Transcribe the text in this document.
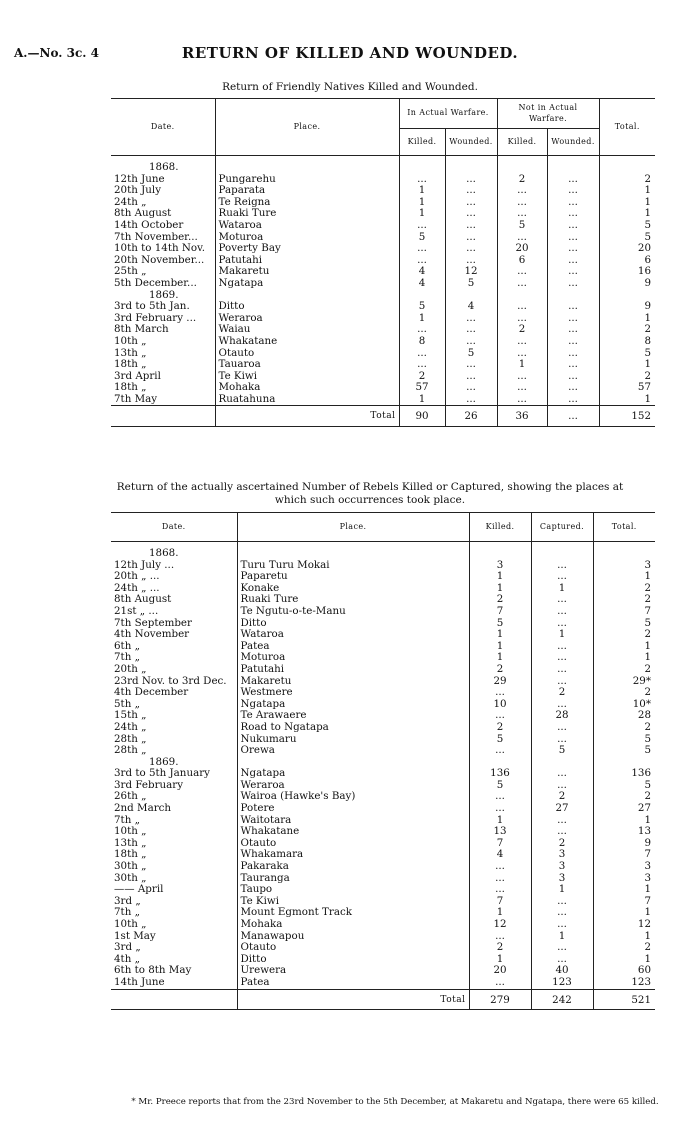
A.—No. 3c. 4	RETURN OF KILLED AND WOUNDED.
Return of Friendly Natives Killed and Wounded.
Date.	Place.	In Actual Warfare.		Not in Actual Warfare.		Total.
		Killed.	Wounded.	Killed.	Wounded.	

1868.						
12th June	Pungarehu	...	...	2	...	2
20th July	Paparata	1	...	...	...	1
24th „	Te Reigna	1	...	...	...	1
8th August	Ruaki Ture	1	...	...	...	1
14th October	Wataroa	...	...	5	...	5
7th November...	Moturoa	5	...	...	...	5
10th to 14th Nov.	Poverty Bay	...	...	20	...	20
20th November...	Patutahi	...	...	6	...	6
25th „	Makaretu	4	12	...	...	16
5th December...	Ngatapa	4	5	...	...	9
1869.						
3rd to 5th Jan.	Ditto	5	4	...	...	9
3rd February ...	Weraroa	1	...	...	...	1
8th March	Waiau	...	...	2	...	2
10th „	Whakatane	8	...	...	...	8
13th „	Otauto	...	5	...	...	5
18th „	Tauaroa	...	...	1	...	1
3rd April	Te Kiwi	2	...	...	...	2
18th „	Mohaka	57	...	...	...	57
7th May	Ruatahuna	1	...	...	...	1
	Total	90	26	36	...	152
Return of the actually ascertained Number of Rebels Killed or Captured, showing the places at which such occurrences took place.
Date.	Place.	Killed.	Captured.	Total.

1868.				
12th July ...	Turu Turu Mokai	3	...	3
20th „ ...	Paparetu	1	...	1
24th „ ...	Konake	1	1	2
8th August	Ruaki Ture	2	...	2
21st „ ...	Te Ngutu-o-te-Manu	7	...	7
7th September	Ditto	5	...	5
4th November	Wataroa	1	1	2
6th „	Patea	1	...	1
7th „	Moturoa	1	...	1
20th „	Patutahi	2	...	2
23rd Nov. to 3rd Dec.	Makaretu	29	...	29*
4th December	Westmere	...	2	2
5th „	Ngatapa	10	...	10*
15th „	Te Arawaere	...	28	28
24th „	Road to Ngatapa	2	...	2
28th „	Nukumaru	5	...	5
28th „	Orewa	...	5	5
1869.				
3rd to 5th January	Ngatapa	136	...	136
3rd February	Weraroa	5	...	5
26th „	Wairoa (Hawke's Bay)	...	2	2
2nd March	Potere	...	27	27
7th „	Waitotara	1	...	1
10th „	Whakatane	13	...	13
13th „	Otauto	7	2	9
18th „	Whakamara	4	3	7
30th „	Pakaraka	...	3	3
30th „	Tauranga	...	3	3
—— April	Taupo	...	1	1
3rd „	Te Kiwi	7	...	7
7th „	Mount Egmont Track	1	...	1
10th „	Mohaka	12	...	12
1st May	Manawapou	...	1	1
3rd „	Otauto	2	...	2
4th „	Ditto	1	...	1
6th to 8th May	Urewera	20	40	60
14th June	Patea	...	123	123
	Total	279	242	521
* Mr. Preece reports that from the 23rd November to the 5th December, at Makaretu and Ngatapa, there were 65 killed.
